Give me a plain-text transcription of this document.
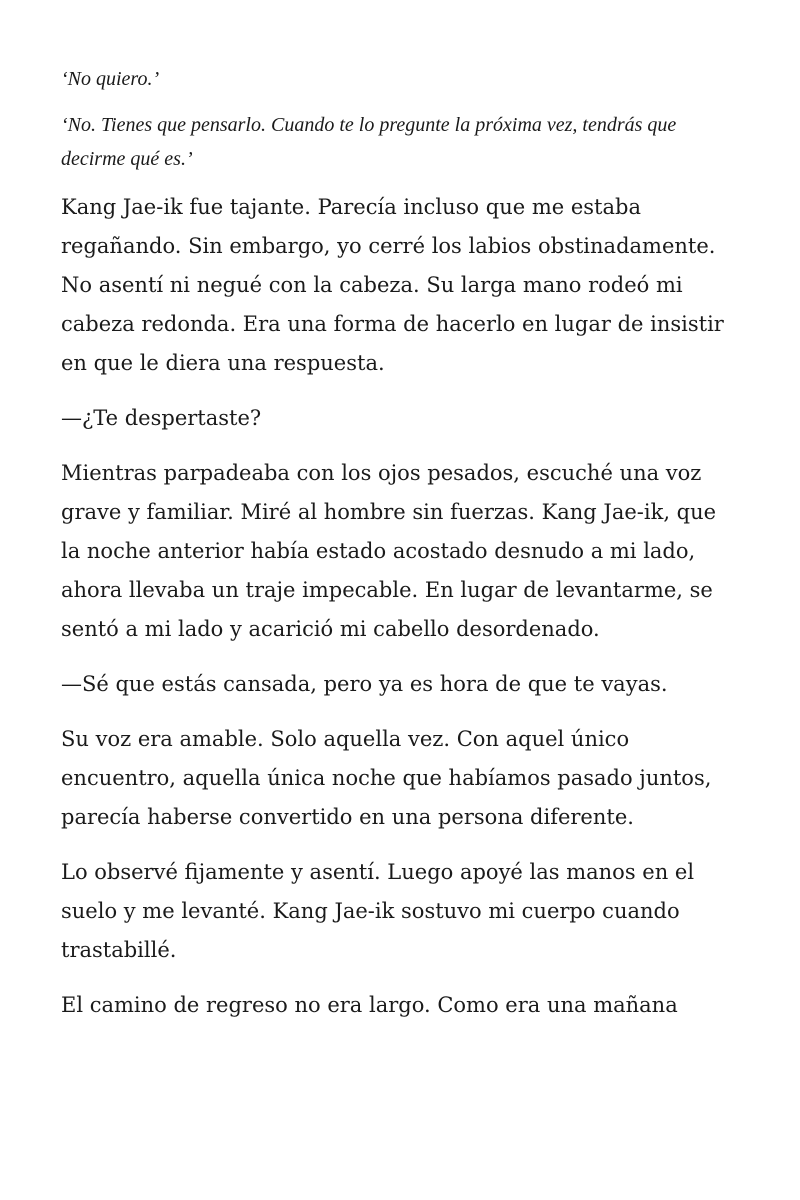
‘No quiero.’

‘No. Tienes que pensarlo. Cuando te lo pregunte la próxima vez, tendrás que decirme qué es.’

Kang Jae-ik fue tajante. Parecía incluso que me estaba regañando. Sin embargo, yo cerré los labios obstinadamente. No asentí ni negué con la cabeza. Su larga mano rodeó mi cabeza redonda. Era una forma de hacerlo en lugar de insistir en que le diera una respuesta.

—¿Te despertaste?

Mientras parpadeaba con los ojos pesados, escuché una voz grave y familiar. Miré al hombre sin fuerzas. Kang Jae-ik, que la noche anterior había estado acostado desnudo a mi lado, ahora llevaba un traje impecable. En lugar de levantarme, se sentó a mi lado y acarició mi cabello desordenado.

—Sé que estás cansada, pero ya es hora de que te vayas.

Su voz era amable. Solo aquella vez. Con aquel único encuentro, aquella única noche que habíamos pasado juntos, parecía haberse convertido en una persona diferente.

Lo observé fijamente y asentí. Luego apoyé las manos en el suelo y me levanté. Kang Jae-ik sostuvo mi cuerpo cuando trastabillé.

El camino de regreso no era largo. Como era una mañana
